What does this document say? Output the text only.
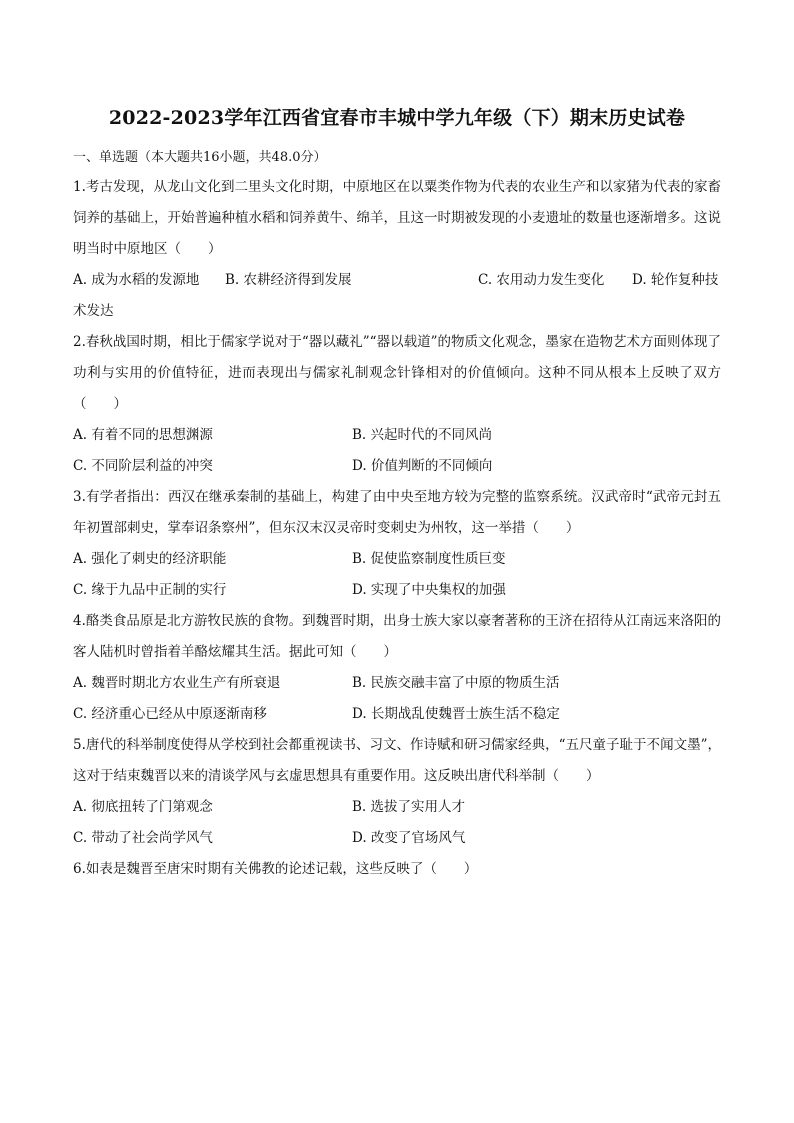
2022-2023学年江西省宜春市丰城中学九年级（下）期末历史试卷
一、单选题（本大题共16小题，共48.0分）

1.考古发现，从龙山文化到二里头文化时期，中原地区在以粟类作物为代表的农业生产和以家猪为代表的家畜饲养的基础上，开始普遍种植水稻和饲养黄牛、绵羊，且这一时期被发现的小麦遗址的数量也逐渐增多。这说明当时中原地区（　　）

A. 成为水稻的发源地 B. 农耕经济得到发展	C. 农用动力发生变化 D. 轮作复种技
术发达

2.春秋战国时期，相比于儒家学说对于“器以藏礼”“器以载道”的物质文化观念，墨家在造物艺术方面则体现了功利与实用的价值特征，进而表现出与儒家礼制观念针锋相对的价值倾向。这种不同从根本上反映了双方（　　）

A. 有着不同的思想渊源	B. 兴起时代的不同风尚
C. 不同阶层利益的冲突	D. 价值判断的不同倾向

3.有学者指出：西汉在继承秦制的基础上，构建了由中央至地方较为完整的监察系统。汉武帝时“武帝元封五年初置部刺史，掌奉诏条察州”，但东汉末汉灵帝时变刺史为州牧，这一举措（　　）

A. 强化了刺史的经济职能	B. 促使监察制度性质巨变
C. 缘于九品中正制的实行	D. 实现了中央集权的加强

4.酪类食品原是北方游牧民族的食物。到魏晋时期，出身士族大家以豪奢著称的王济在招待从江南远来洛阳的客人陆机时曾指着羊酪炫耀其生活。据此可知（　　）

A. 魏晋时期北方农业生产有所衰退	B. 民族交融丰富了中原的物质生活
C. 经济重心已经从中原逐渐南移	D. 长期战乱使魏晋士族生活不稳定

5.唐代的科举制度使得从学校到社会都重视读书、习文、作诗赋和研习儒家经典，“五尺童子耻于不闻文墨”，这对于结束魏晋以来的清谈学风与玄虚思想具有重要作用。这反映出唐代科举制（　　）

A. 彻底扭转了门第观念	B. 选拔了实用人才
C. 带动了社会尚学风气	D. 改变了官场风气

6.如表是魏晋至唐宋时期有关佛教的论述记载，这些反映了（　　）
